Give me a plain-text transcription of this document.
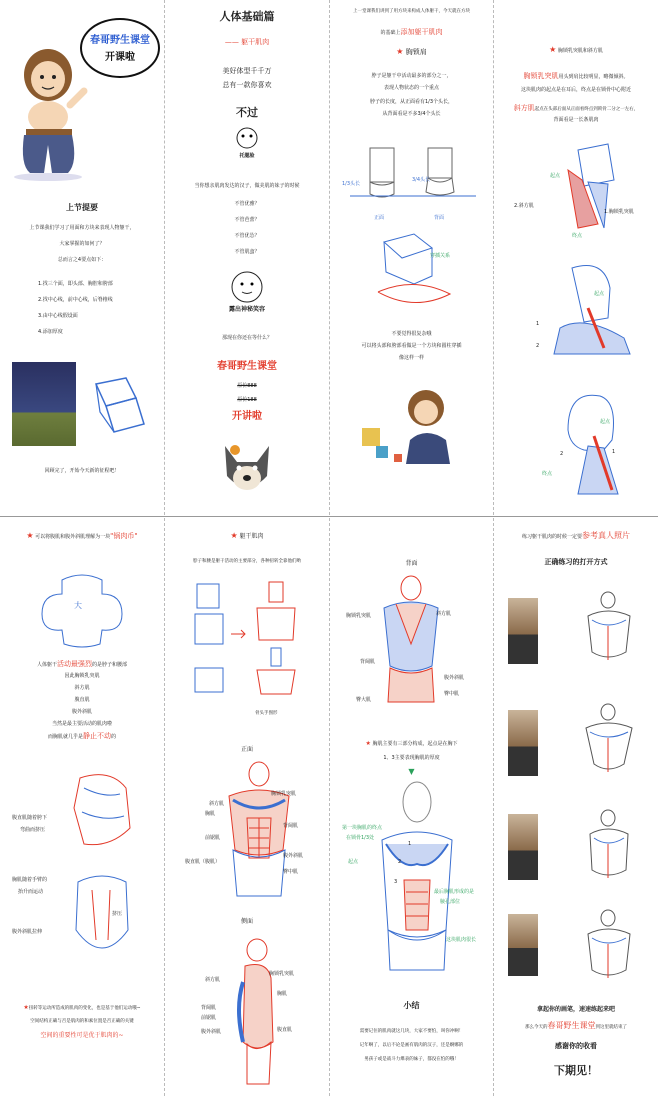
春哥野生课堂
开课啦
上节提要
上节课我们学习了用面和方块来表现人物躯干，
大家掌握的如何了？
总而言之4要点如下：
1.找三个面，即头部、胸腔和胯部
2.找中心线，前中心线，后脊椎线
3.由中心线假设面
4.添加厚度
回顾完了，开始今天新的征程吧！
人体基础篇
—— 躯干肌肉
美好体型千千万
总有一款你喜欢
不过
托腮脸
当你想亲肌肉发达的汉子，做美肌的妹子的时候
不管优雅？
不管芭蕾？
不管优怂？
不管肌蛮？
露出神秘笑容
那现在你还在等什么？
春哥野生课堂
原价888
原价188
开讲啦
上一堂课我们讲到了用方块来构成人体躯干，今天就在方块
的基础上添加躯干肌肉
★ 胸锁肩
脖子是躯干中活动最多的部分之一，
表现人物状态的一个重点
脖子的长度，从正面看有1/3个头长，
从背面看是不多3/4个头长
1/3头长
3/4头长
正面	背面
穿插关系
不要觉得很复杂哦
可以将头部和胯部看做是一个方块和圆柱穿插
像这样一样
★ 胸锁乳突肌和斜方肌
胸锁乳突肌用头到肩比较明显，略微倾斜。
这块肌肉的起点是在耳后，终点是在锁骨中心附近
斜方肌起点在头部后面从正面看终点到锁骨二分之一左右，
背面看是一长条肌肉
起点
2.斜方肌
1.胸锁乳突肌
终点
起点
1
2
起点
2	1
终点
★ 可以将腹肌和腹外斜肌理解为一块"锅肉币"
大
人体躯干活动最强烈的是脖子和腰部
因此胸锁乳突肌
斜方肌
腹直肌
腹外斜肌
当然是最主要活动的肌肉啦
而胸肌就几乎是静止不动的
腹直肌随着胯下
弯曲而挤压
胸肌随着手臂的
抬升而运动
挤压
腹外斜肌拉伸
★扭转等运动所造成的肌肉的变化，也是基于他们运动哦~
空间结构正确与否是肌肉的和素位置是否正确的关键
空间的重要性可是优于肌肉的~
★ 躯干肌肉
脖子和腰是躯干活动的主要部分，各种扭转全靠他们哟
骨头手图形
正面
斜方肌
胸肌
前锯肌
腹直肌（腹肌）
胸锁乳突肌
背阔肌
腹外斜肌
臀中肌
侧面
斜方肌
背阔肌
前锯肌
腹外斜肌
胸锁乳突肌
胸肌
腹直肌
背面
胸锁乳突肌
背阔肌
臀大肌
斜方肌
腹外斜肌
臀中肌
★ 胸肌主要有三部分构成，起点是在胸下
1、3主要表现胸肌的厚度
▼
第一块胸肌的终点
在锁骨1/3处
起点
1
2
3
最后胸肌形成的是
腋孔部位
这块肌肉很长
小结
需要记住的肌肉就这几块，大家不要怕，叫你冲啊！
记年啊了，以后不论是画有肌肉的汉子，还是婀娜的
男孩子或是战斗力爆表的妹子，都没在怕的哦！
练习躯干肌肉的时候一定要参考真人照片
正确练习的打开方式
拿起你的画笔，速速练起来吧
那么今天的春哥野生课堂到这里就结束了
感谢你的收看
下期见！
